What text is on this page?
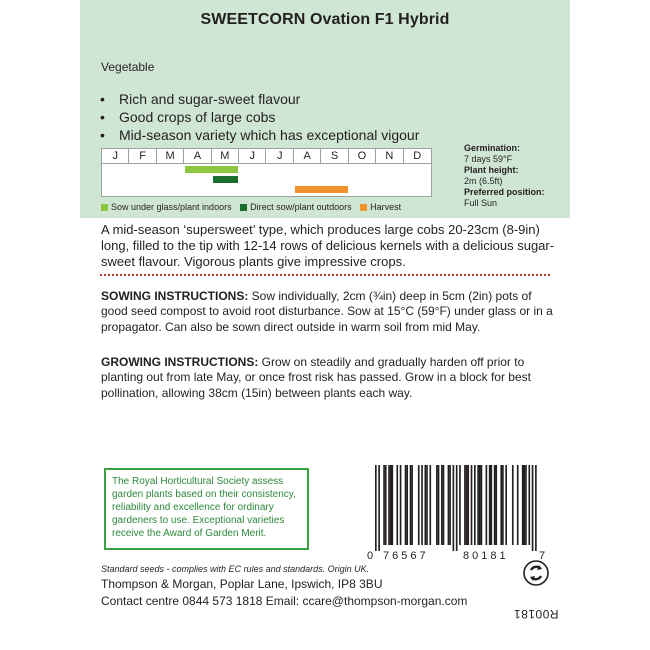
SWEETCORN Ovation F1 Hybrid
Vegetable
• Rich and sugar-sweet flavour
• Good crops of large cobs
• Mid-season variety which has exceptional vigour
J	F	M	A	M	J	J	A	S	O	N	D
Sow under glass/plant indoors Direct sow/plant outdoors Harvest
Germination:
7 days 59°F
Plant height:
2m (6.5ft)
Preferred position:
Full Sun
A mid-season ‘supersweet’ type, which produces large cobs 20-23cm (8-9in) long, filled to the tip with 12-14 rows of delicious kernels with a delicious sugar-sweet flavour. Vigorous plants give impressive crops.
SOWING INSTRUCTIONS: Sow individually, 2cm (¾in) deep in 5cm (2in) pots of good seed compost to avoid root disturbance. Sow at 15°C (59°F) under glass or in a propagator. Can also be sown direct outside in warm soil from mid May.
GROWING INSTRUCTIONS: Grow on steadily and gradually harden off prior to planting out from late May, or once frost risk has passed. Grow in a block for best pollination, allowing 38cm (15in) between plants each way.
The Royal Horticultural Society assess garden plants based on their consistency, reliability and excellence for ordinary gardeners to use. Exceptional varieties receive the Award of Garden Merit.
0 76567	80181	7
Standard seeds - complies with EC rules and standards. Origin UK.
Thompson & Morgan, Poplar Lane, Ipswich, IP8 3BU
Contact centre 0844 573 1818 Email: ccare@thompson-morgan.com
R00181
